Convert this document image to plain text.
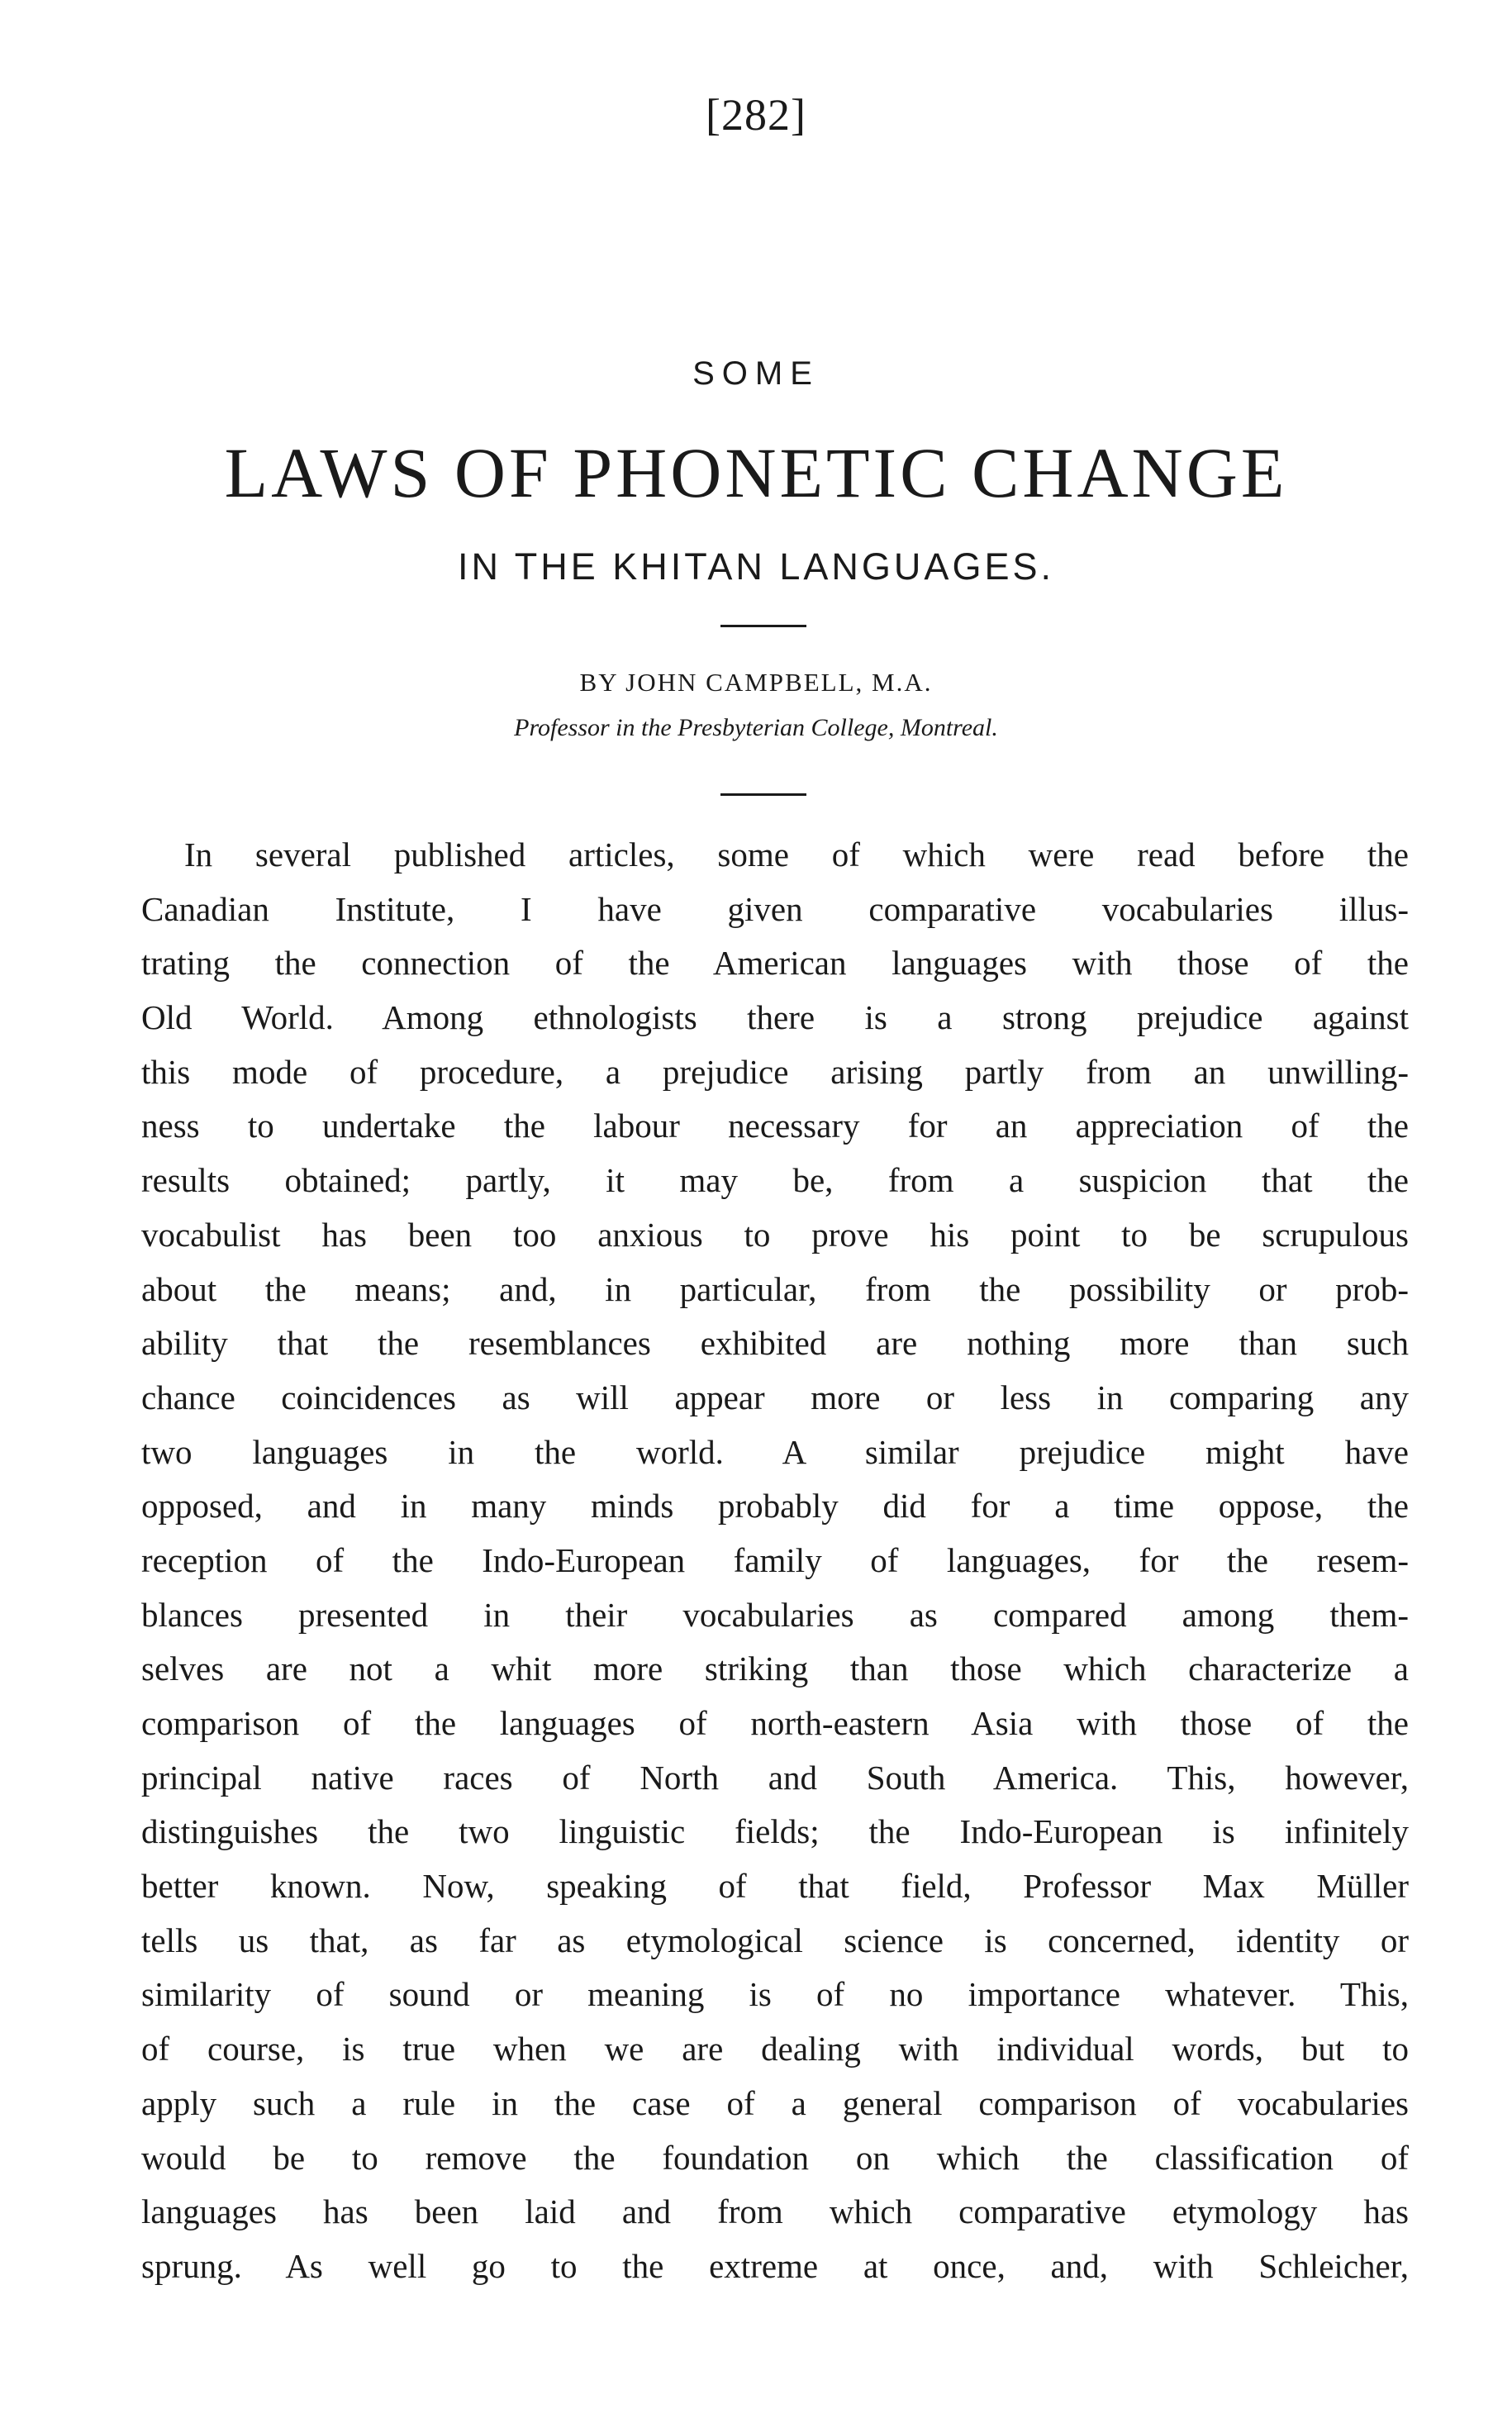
[282]
SOME
LAWS OF PHONETIC CHANGE
IN THE KHITAN LANGUAGES.
BY JOHN CAMPBELL, M.A.
Professor in the Presbyterian College, Montreal.

In several published articles, some of which were read before the
Canadian Institute, I have given comparative vocabularies illus-
trating the connection of the American languages with those of the
Old World. Among ethnologists there is a strong prejudice against
this mode of procedure, a prejudice arising partly from an unwilling-
ness to undertake the labour necessary for an appreciation of the
results obtained; partly, it may be, from a suspicion that the
vocabulist has been too anxious to prove his point to be scrupulous
about the means; and, in particular, from the possibility or prob-
ability that the resemblances exhibited are nothing more than such
chance coincidences as will appear more or less in comparing any
two languages in the world. A similar prejudice might have
opposed, and in many minds probably did for a time oppose, the
reception of the Indo-European family of languages, for the resem-
blances presented in their vocabularies as compared among them-
selves are not a whit more striking than those which characterize a
comparison of the languages of north-eastern Asia with those of the
principal native races of North and South America. This, however,
distinguishes the two linguistic fields; the Indo-European is infinitely
better known. Now, speaking of that field, Professor Max Müller
tells us that, as far as etymological science is concerned, identity or
similarity of sound or meaning is of no importance whatever. This,
of course, is true when we are dealing with individual words, but to
apply such a rule in the case of a general comparison of vocabularies
would be to remove the foundation on which the classification of
languages has been laid and from which comparative etymology has
sprung. As well go to the extreme at once, and, with Schleicher,
